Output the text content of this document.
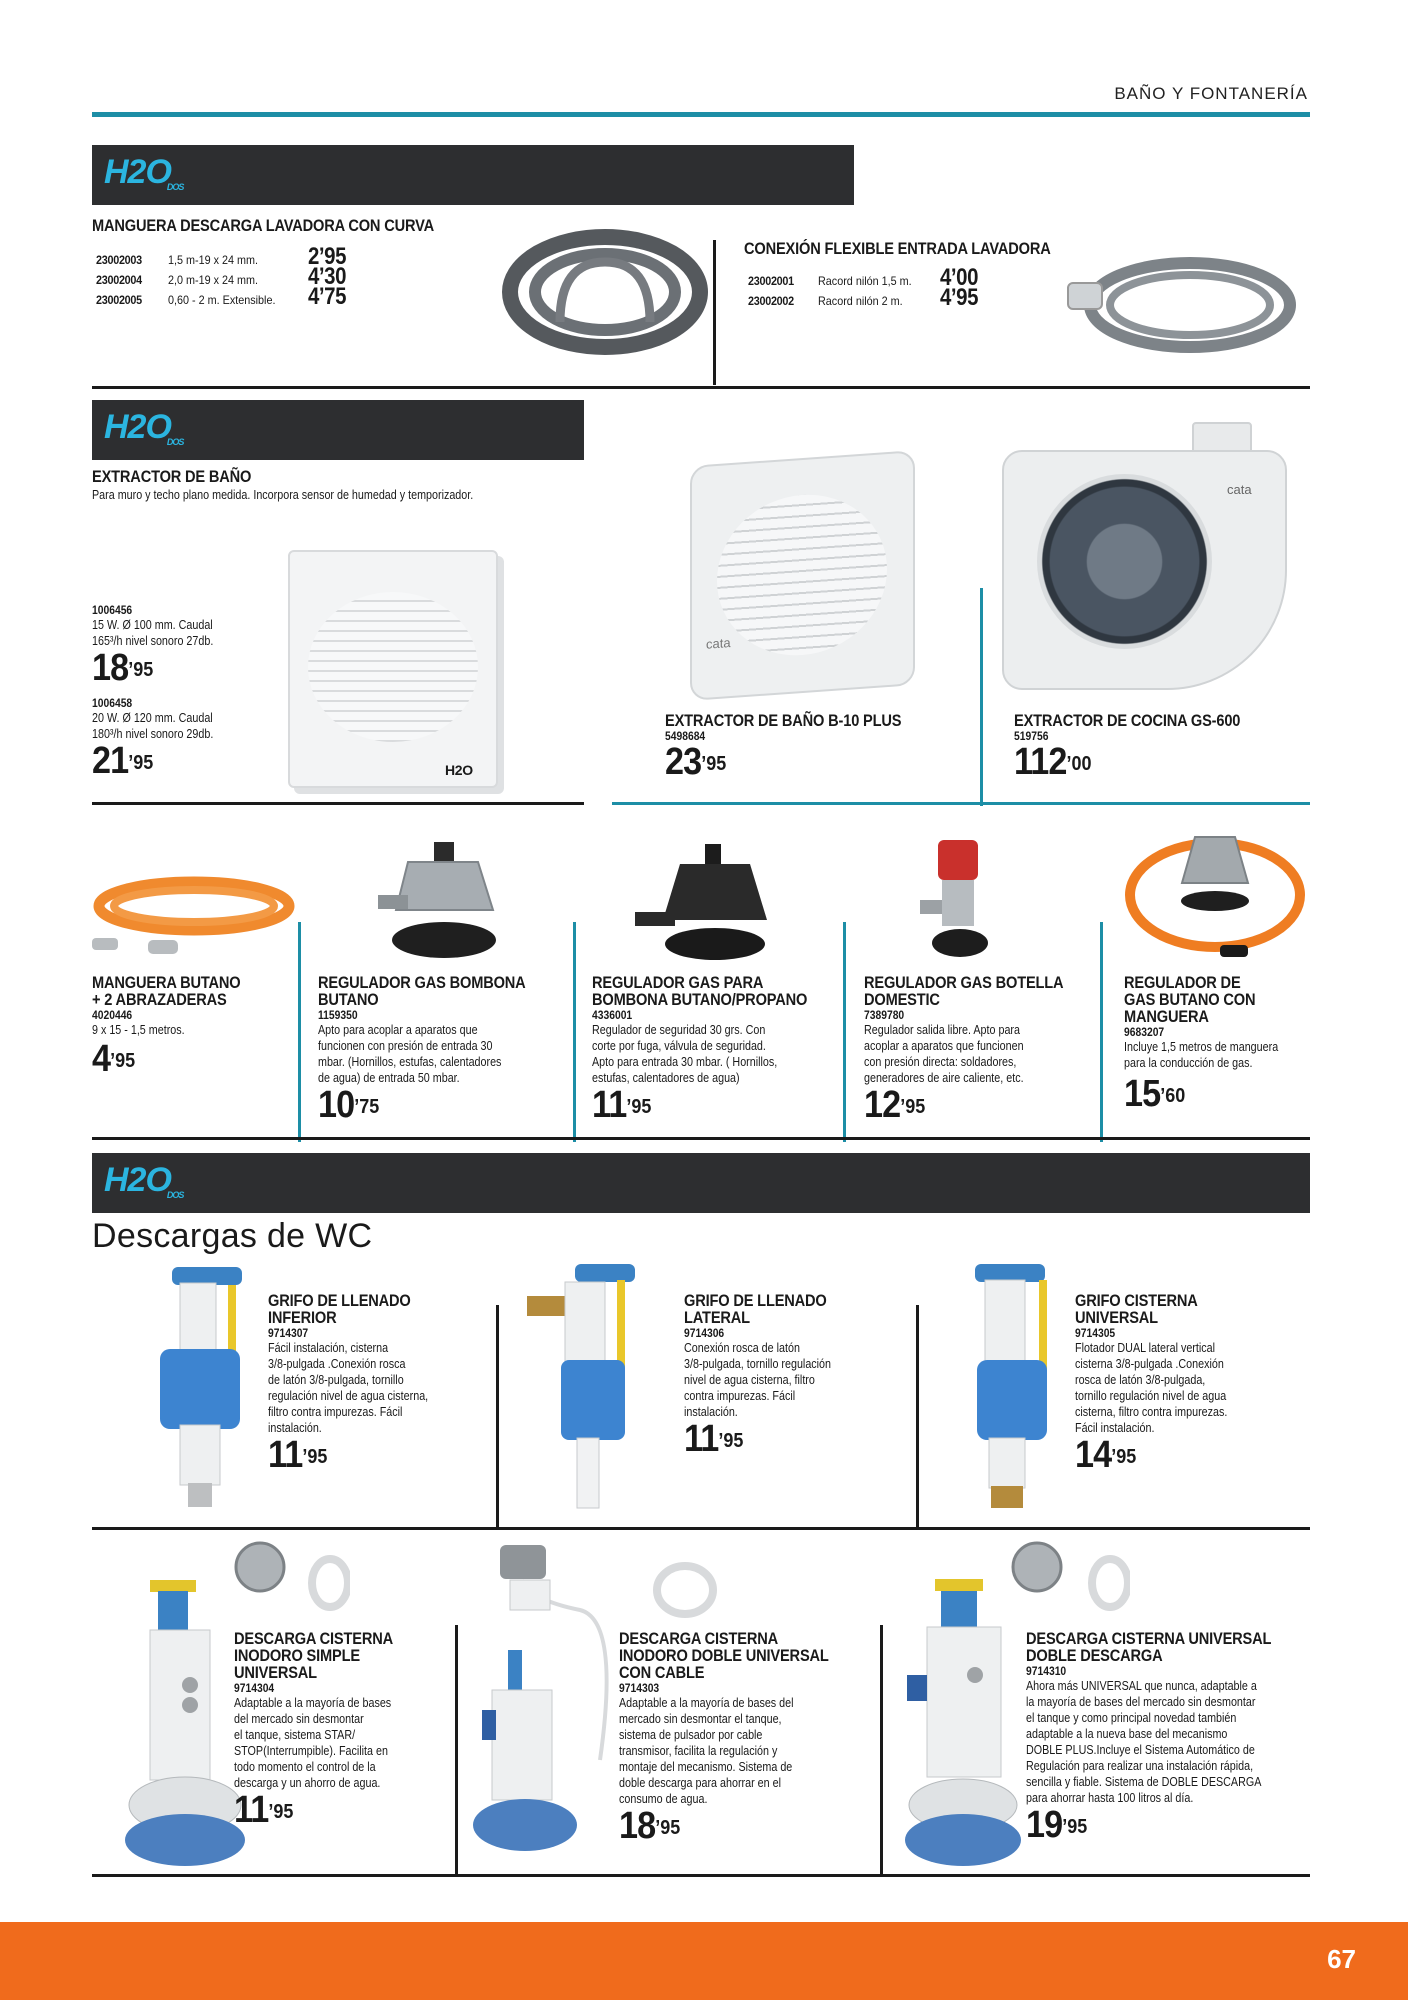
BAÑO Y FONTANERÍA
H2ODOS
MANGUERA DESCARGA LAVADORA CON CURVA
23002003	1,5 m-19 x 24 mm.	2’95
23002004	2,0 m-19 x 24 mm.	4’30
23002005	0,60 - 2 m. Extensible.	4’75
CONEXIÓN FLEXIBLE ENTRADA LAVADORA
23002001	Racord nilón 1,5 m.	4’00
23002002	Racord nilón 2 m.	4’95
H2ODOS
EXTRACTOR DE BAÑO
Para muro y techo plano medida. Incorpora sensor de humedad y temporizador.
H2O
1006456
15 W. Ø 100 mm. Caudal
165³/h nivel sonoro 27db.
$18^{’95}$
1006458
20 W. Ø 120 mm. Caudal
180³/h nivel sonoro 29db.
$21^{’95}$
cata
EXTRACTOR DE BAÑO B-10 PLUS
5498684
$23^{’95}$
cata
EXTRACTOR DE COCINA GS-600
519756
$112^{’00}$
MANGUERA BUTANO
+ 2 ABRAZADERAS
4020446
9 x 15 - 1,5 metros.
$4^{’95}$
REGULADOR GAS BOMBONA
BUTANO
1159350
Apto para acoplar a aparatos que
funcionen con presión de entrada 30
mbar. (Hornillos, estufas, calentadores
de agua) de entrada 50 mbar.
$10^{’75}$
REGULADOR GAS PARA
BOMBONA BUTANO/PROPANO
4336001
Regulador de seguridad 30 grs. Con
corte por fuga, válvula de seguridad.
Apto para entrada 30 mbar. ( Hornillos,
estufas, calentadores de agua)
$11^{’95}$
REGULADOR GAS BOTELLA
DOMESTIC
7389780
Regulador salida libre. Apto para
acoplar a aparatos que funcionen
con presión directa: soldadores,
generadores de aire caliente, etc.
$12^{’95}$
REGULADOR DE
GAS BUTANO CON
MANGUERA
9683207
Incluye 1,5 metros de manguera
para la conducción de gas.
$15^{’60}$
H2ODOS
Descargas de WC
GRIFO DE LLENADO
INFERIOR
9714307
Fácil instalación, cisterna
3/8-pulgada .Conexión rosca
de latón 3/8-pulgada, tornillo
regulación nivel de agua cisterna,
filtro contra impurezas. Fácil
instalación.
$11^{’95}$
GRIFO DE LLENADO
LATERAL
9714306
Conexión rosca de latón
3/8-pulgada, tornillo regulación
nivel de agua cisterna, filtro
contra impurezas. Fácil
instalación.
$11^{’95}$
GRIFO CISTERNA
UNIVERSAL
9714305
Flotador DUAL lateral vertical
cisterna 3/8-pulgada .Conexión
rosca de latón 3/8-pulgada,
tornillo regulación nivel de agua
cisterna, filtro contra impurezas.
Fácil instalación.
$14^{’95}$
DESCARGA CISTERNA
INODORO SIMPLE
UNIVERSAL
9714304
Adaptable a la mayoría de bases
del mercado sin desmontar
el tanque, sistema STAR/
STOP(Interrumpible). Facilita en
todo momento el control de la
descarga y un ahorro de agua.
$11^{’95}$
DESCARGA CISTERNA
INODORO DOBLE UNIVERSAL
CON CABLE
9714303
Adaptable a la mayoría de bases del
mercado sin desmontar el tanque,
sistema de pulsador por cable
transmisor, facilita la regulación y
montaje del mecanismo. Sistema de
doble descarga para ahorrar en el
consumo de agua.
$18^{’95}$
DESCARGA CISTERNA UNIVERSAL
DOBLE DESCARGA
9714310
Ahora más UNIVERSAL que nunca, adaptable a
la mayoría de bases del mercado sin desmontar
el tanque y como principal novedad también
adaptable a la nueva base del mecanismo
DOBLE PLUS.Incluye el Sistema Automático de
Regulación para realizar una instalación rápida,
sencilla y fiable. Sistema de DOBLE DESCARGA
para ahorrar hasta 100 litros al día.
$19^{’95}$
67
